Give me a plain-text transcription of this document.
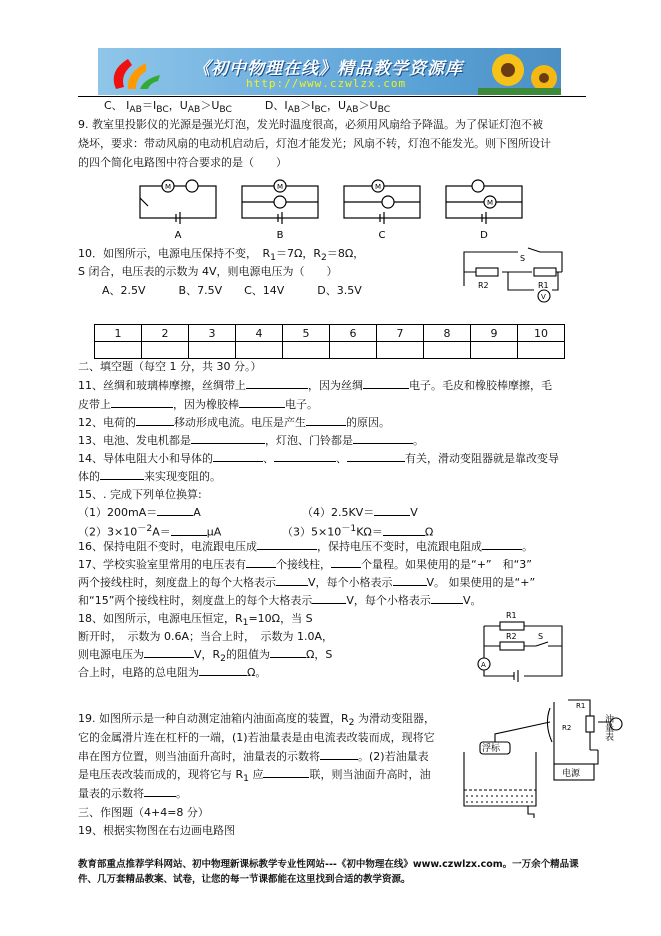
《初中物理在线》精品教学资源库
http://www.czwlzx.com
C、 $I_{AB}=I_{BC}$，$U_{AB}>U_{BC}$　　　D、$I_{AB}>I_{BC}$，$U_{AB}>U_{BC}$
9. 教室里投影仪的光源是强光灯泡，发光时温度很高，必须用风扇给予降温。为了保证灯泡不被
烧坏，要求：带动风扇的电动机启动后，灯泡才能发光；风扇不转，灯泡不能发光。则下图所设计
的四个简化电路图中符合要求的是（　　）
M	M	M
M
A	B	C	D
10．如图所示，电源电压保持不变，　$R_1=7\Omega$，$R_2=8\Omega$，
S 闭合，电压表的示数为 4V，则电源电压为（　　）
A、2.5V　　　B、7.5V　　C、14V　　　D、3.5V
S
R2	R1
V
1	2	3	4	5	6	7	8	9	10

二、填空题（每空 1 分，共 30 分。）
11、丝绸和玻璃棒摩擦，丝绸带上	，因为丝绸	电子。毛皮和橡胶棒摩擦，毛
皮带上	，因为橡胶棒	电子。
12、电荷的	移动形成电流。电压是产生	的原因。
13、电池、发电机都是	，灯泡、门铃都是	。
14、导体电阻大小和导体的	、	、	有关，滑动变阻器就是靠改变导
体的	来实现变阻的。
15、. 完成下列单位换算:
（1）200mA＝	A	（4）2.5KV＝	V
$(2)3\times 10^{-2}A=$	μA	$(3)5\times 10^{-1}K\Omega=$	Ω
16、保持电阻不变时，电流跟电压成	，保持电压不变时，电流跟电阻成	。
17、学校实验室里常用的电压表有	个接线柱，	个量程。如果使用的是“+”　和“3”
两个接线柱时，刻度盘上的每个大格表示	V，每个小格表示	V。 如果使用的是“+”
和“15”两个接线柱时，刻度盘上的每个大格表示	V，每个小格表示	V。
18、如图所示，电源电压恒定，$R_1=10\Omega$，当 S
断开时，　示数为 0.6A；当合上时，　示数为 1.0A，
则电源电压为	V，$R_2$的阻值为	Ω，S
合上时，电路的总电阻为	Ω。
R1
R2	S
A
19. 如图所示是一种自动测定油箱内油面高度的装置，$R_2$ 为滑动变阻器，
它的金属滑片连在杠杆的一端，(1)若油量表是由电流表改装而成，现将它
串在图方位置，则当油面升高时，油量表的示数将	。(2)若油量表
是电压表改装而成的，现将它与 $R_1$ 应	联，则当油面升高时，油
量表的示数将	。
三、作图题（4+4=8 分）
19、根据实物图在右边画电路图
浮标
电源
R1
R2	油量表
教育部重点推荐学科网站、初中物理新课标教学专业性网站---《初中物理在线》www.czwlzx.com。一万余个精品课
件、几万套精品教案、试卷，让您的每一节课都能在这里找到合适的教学资源。
